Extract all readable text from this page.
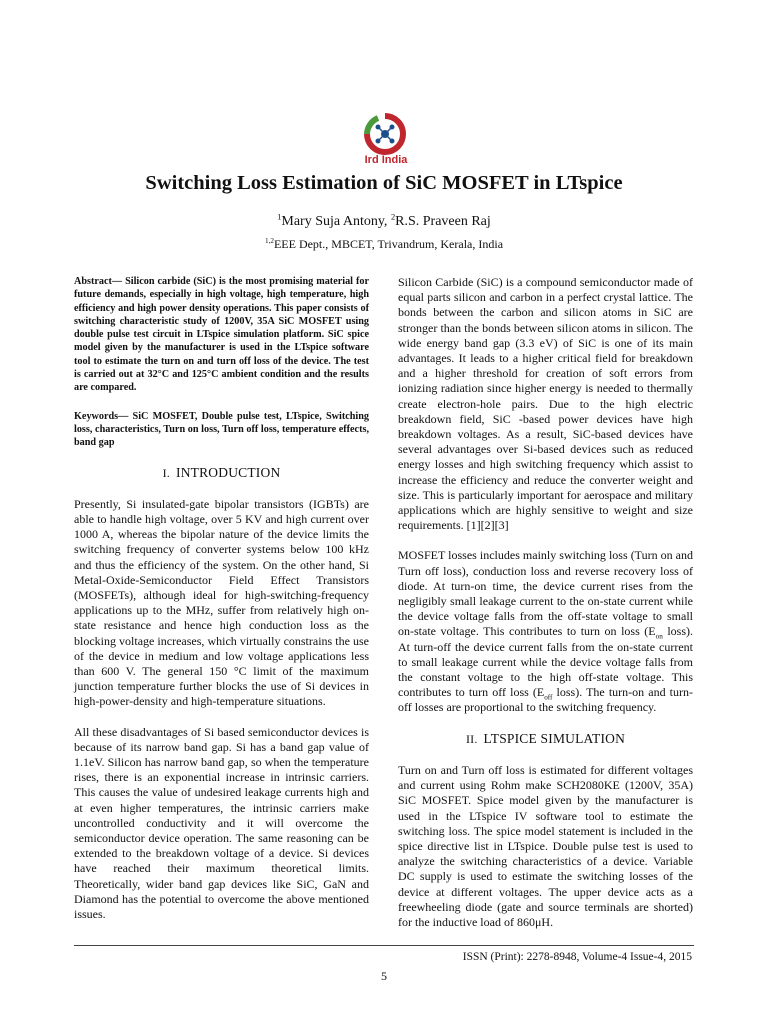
Ird India
Switching Loss Estimation of SiC MOSFET in LTspice
$^1$Mary Suja Antony, $^2$R.S. Praveen Raj
$^{1,2}$EEE Dept., MBCET, Trivandrum, Kerala, India

Abstract— Silicon carbide (SiC) is the most promising material for future demands, especially in high voltage, high temperature, high efficiency and high power density operations. This paper consists of switching characteristic study of 1200V, 35A SiC MOSFET using double pulse test circuit in LTspice simulation platform. SiC spice model given by the manufacturer is used in the LTspice software tool to estimate the turn on and turn off loss of the device. The test is carried out at 32°C and 125°C ambient condition and the results are compared.

Keywords— SiC MOSFET, Double pulse test, LTspice, Switching loss, characteristics, Turn on loss, Turn off loss, temperature effects, band gap

I. INTRODUCTION

Presently, Si insulated-gate bipolar transistors (IGBTs) are able to handle high voltage, over 5 KV and high current over 1000 A, whereas the bipolar nature of the device limits the switching frequency of converter systems below 100 kHz and thus the efficiency of the system. On the other hand, Si Metal-Oxide-Semiconductor Field Effect Transistors (MOSFETs), although ideal for high-switching-frequency applications up to the MHz, suffer from relatively high on-state resistance and hence high conduction loss as the blocking voltage increases, which virtually constrains the use of the device in medium and low voltage applications less than 600 V. The general 150 °C limit of the maximum junction temperature further blocks the use of Si devices in high-power-density and high-temperature situations.

All these disadvantages of Si based semiconductor devices is because of its narrow band gap. Si has a band gap value of 1.1eV. Silicon has narrow band gap, so when the temperature rises, there is an exponential increase in intrinsic carriers. This causes the value of undesired leakage currents high and at even higher temperatures, the intrinsic carriers make uncontrolled conductivity and it will overcome the semiconductor device operation. The same reasoning can be extended to the breakdown voltage of a device. Si devices have reached their maximum theoretical limits. Theoretically, wider band gap devices like SiC, GaN and Diamond has the potential to overcome the above mentioned issues.

Silicon Carbide (SiC) is a compound semiconductor made of equal parts silicon and carbon in a perfect crystal lattice. The bonds between the carbon and silicon atoms in SiC are stronger than the bonds between silicon atoms in silicon. The wide energy band gap (3.3 eV) of SiC is one of its main advantages. It leads to a higher critical field for breakdown and a higher threshold for creation of soft errors from ionizing radiation since higher energy is needed to thermally create electron-hole pairs. Due to the high electric breakdown field, SiC -based power devices have high breakdown voltages. As a result, SiC-based devices have several advantages over Si-based devices such as reduced energy losses and high switching frequency which assist to increase the efficiency and reduce the converter weight and size. This is particularly important for aerospace and military applications which are highly sensitive to weight and size requirements. [1][2][3]

MOSFET losses includes mainly switching loss (Turn on and Turn off loss), conduction loss and reverse recovery loss of diode. At turn-on time, the device current rises from the negligibly small leakage current to the on-state current while the device voltage falls from the off-state voltage to small on-state voltage. This contributes to turn on loss ($E_{on}$ loss). At turn-off the device current falls from the on-state current to small leakage current while the device voltage falls from the constant voltage to the high off-state voltage. This contributes to turn off loss ($E_{off}$ loss). The turn-on and turn-off losses are proportional to the switching frequency.

II. LTSPICE SIMULATION

Turn on and Turn off loss is estimated for different voltages and current using Rohm make SCH2080KE (1200V, 35A) SiC MOSFET. Spice model given by the manufacturer is used in the LTspice IV software tool to estimate the switching loss. The spice model statement is included in the spice directive list in LTspice. Double pulse test is used to analyze the switching characteristics of a device. Variable DC supply is used to estimate the switching losses of the device at different voltages. The upper device acts as a freewheeling diode (gate and source terminals are shorted) for the inductive load of 860μH.

ISSN (Print): 2278-8948, Volume-4 Issue-4, 2015
5
